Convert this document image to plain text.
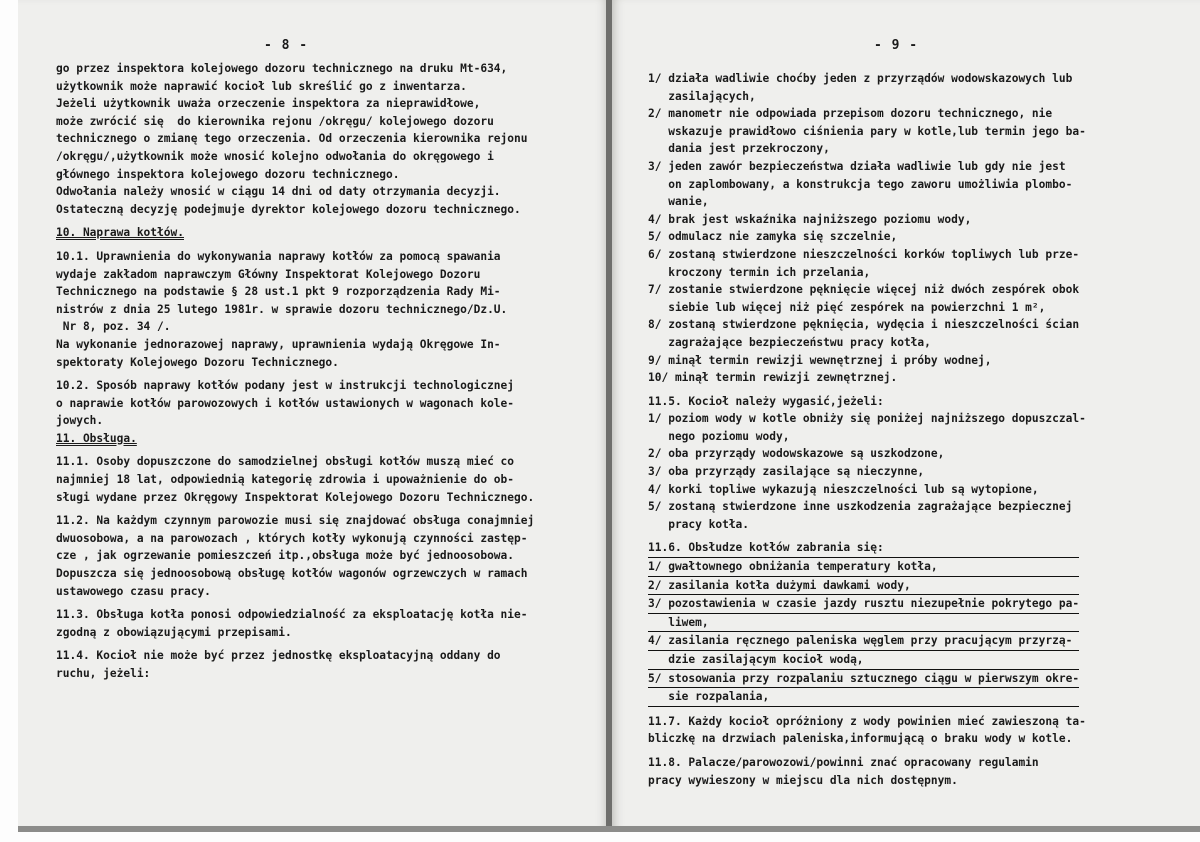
- 8 -
go przez inspektora kolejowego dozoru technicznego na druku Mt-634,
użytkownik może naprawić kocioł lub skreślić go z inwentarza.
Jeżeli użytkownik uważa orzeczenie inspektora za nieprawidłowe,
może zwrócić się  do kierownika rejonu /okręgu/ kolejowego dozoru
technicznego o zmianę tego orzeczenia. Od orzeczenia kierownika rejonu
/okręgu/,użytkownik może wnosić kolejno odwołania do okręgowego i
głównego inspektora kolejowego dozoru technicznego.
Odwołania należy wnosić w ciągu 14 dni od daty otrzymania decyzji.
Ostateczną decyzję podejmuje dyrektor kolejowego dozoru technicznego.
10. Naprawa kotłów.
10.1. Uprawnienia do wykonywania naprawy kotłów za pomocą spawania
wydaje zakładom naprawczym Główny Inspektorat Kolejowego Dozoru
Technicznego na podstawie § 28 ust.1 pkt 9 rozporządzenia Rady Mi-
nistrów z dnia 25 lutego 1981r. w sprawie dozoru technicznego/Dz.U.
Nr 8, poz. 34 /.
Na wykonanie jednorazowej naprawy, uprawnienia wydają Okręgowe In-
spektoraty Kolejowego Dozoru Technicznego.
10.2. Sposób naprawy kotłów podany jest w instrukcji technologicznej
o naprawie kotłów parowozowych i kotłów ustawionych w wagonach kole-
jowych.
11. Obsługa.
11.1. Osoby dopuszczone do samodzielnej obsługi kotłów muszą mieć co
najmniej 18 lat, odpowiednią kategorię zdrowia i upoważnienie do ob-
sługi wydane przez Okręgowy Inspektorat Kolejowego Dozoru Technicznego.
11.2. Na każdym czynnym parowozie musi się znajdować obsługa conajmniej
dwuosobowa, a na parowozach , których kotły wykonują czynności zastęp-
cze , jak ogrzewanie pomieszczeń itp.,obsługa może być jednoosobowa.
Dopuszcza się jednoosobową obsługę kotłów wagonów ogrzewczych w ramach
ustawowego czasu pracy.
11.3. Obsługa kotła ponosi odpowiedzialność za eksploatację kotła nie-
zgodną z obowiązującymi przepisami.
11.4. Kocioł nie może być przez jednostkę eksploatacyjną oddany do
ruchu, jeżeli:
- 9 -
1/ działa wadliwie choćby jeden z przyrządów wodowskazowych lub
zasilających,
2/ manometr nie odpowiada przepisom dozoru technicznego, nie
wskazuje prawidłowo ciśnienia pary w kotle,lub termin jego ba-
dania jest przekroczony,
3/ jeden zawór bezpieczeństwa działa wadliwie lub gdy nie jest
on zaplombowany, a konstrukcja tego zaworu umożliwia plombo-
wanie,
4/ brak jest wskaźnika najniższego poziomu wody,
5/ odmulacz nie zamyka się szczelnie,
6/ zostaną stwierdzone nieszczelności korków topliwych lub prze-
kroczony termin ich przelania,
7/ zostanie stwierdzone pęknięcie więcej niż dwóch zespórek obok
siebie lub więcej niż pięć zespórek na powierzchni 1 m²,
8/ zostaną stwierdzone pęknięcia, wydęcia i nieszczelności ścian
zagrażające bezpieczeństwu pracy kotła,
9/ minął termin rewizji wewnętrznej i próby wodnej,
10/ minął termin rewizji zewnętrznej.
11.5. Kocioł należy wygasić,jeżeli:
1/ poziom wody w kotle obniży się poniżej najniższego dopuszczal-
nego poziomu wody,
2/ oba przyrządy wodowskazowe są uszkodzone,
3/ oba przyrządy zasilające są nieczynne,
4/ korki topliwe wykazują nieszczelności lub są wytopione,
5/ zostaną stwierdzone inne uszkodzenia zagrażające bezpiecznej
pracy kotła.
11.6. Obsłudze kotłów zabrania się:
1/ gwałtownego obniżania temperatury kotła,
2/ zasilania kotła dużymi dawkami wody,
3/ pozostawienia w czasie jazdy rusztu niezupełnie pokrytego pa-
liwem,
4/ zasilania ręcznego paleniska węglem przy pracującym przyrzą-
dzie zasilającym kocioł wodą,
5/ stosowania przy rozpalaniu sztucznego ciągu w pierwszym okre-
sie rozpalania,
11.7. Każdy kocioł opróżniony z wody powinien mieć zawieszoną ta-
bliczkę na drzwiach paleniska,informującą o braku wody w kotle.
11.8. Palacze/parowozowi/powinni znać opracowany regulamin
pracy wywieszony w miejscu dla nich dostępnym.
